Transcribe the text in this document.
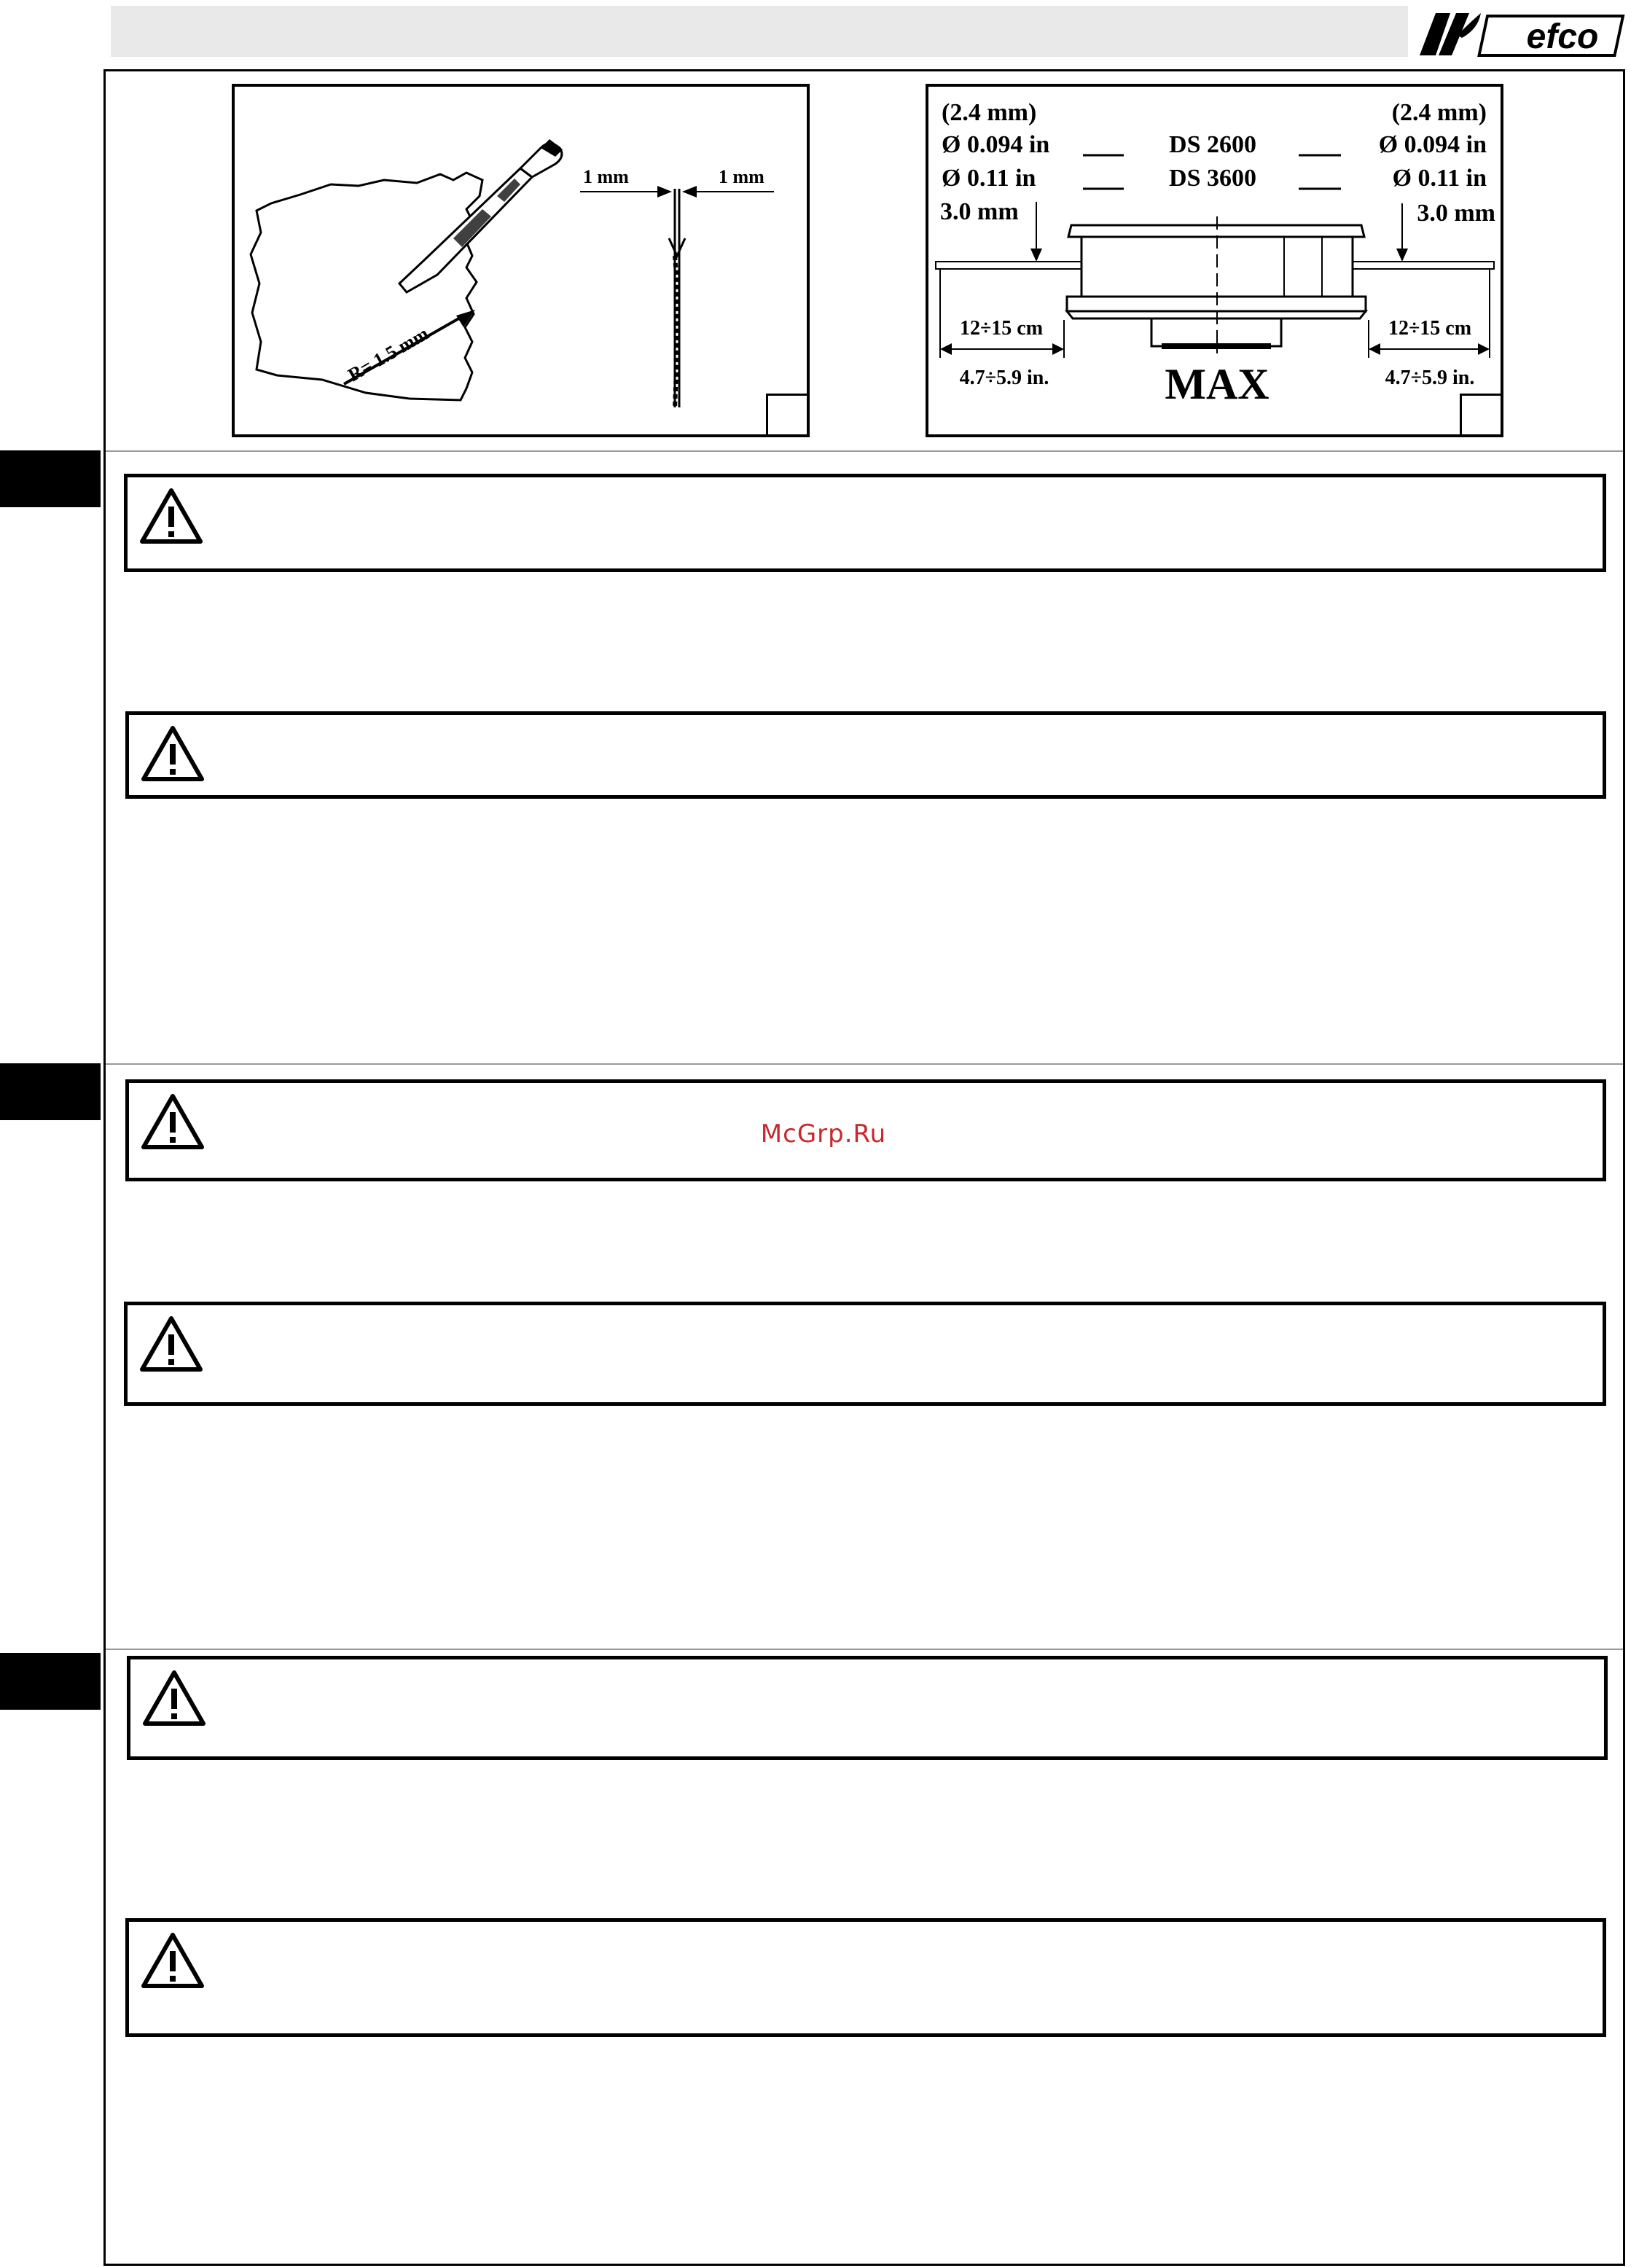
efco
R= 1.5 mm
1 mm	1 mm
(2.4 mm)	(2.4 mm)
Ø 0.094 in	DS 2600	Ø 0.094 in
Ø 0.11 in	DS 3600	Ø 0.11 in
3.0 mm	3.0 mm
12÷15 cm	12÷15 cm
4.7÷5.9 in.	4.7÷5.9 in.
MAX
McGrp.Ru
